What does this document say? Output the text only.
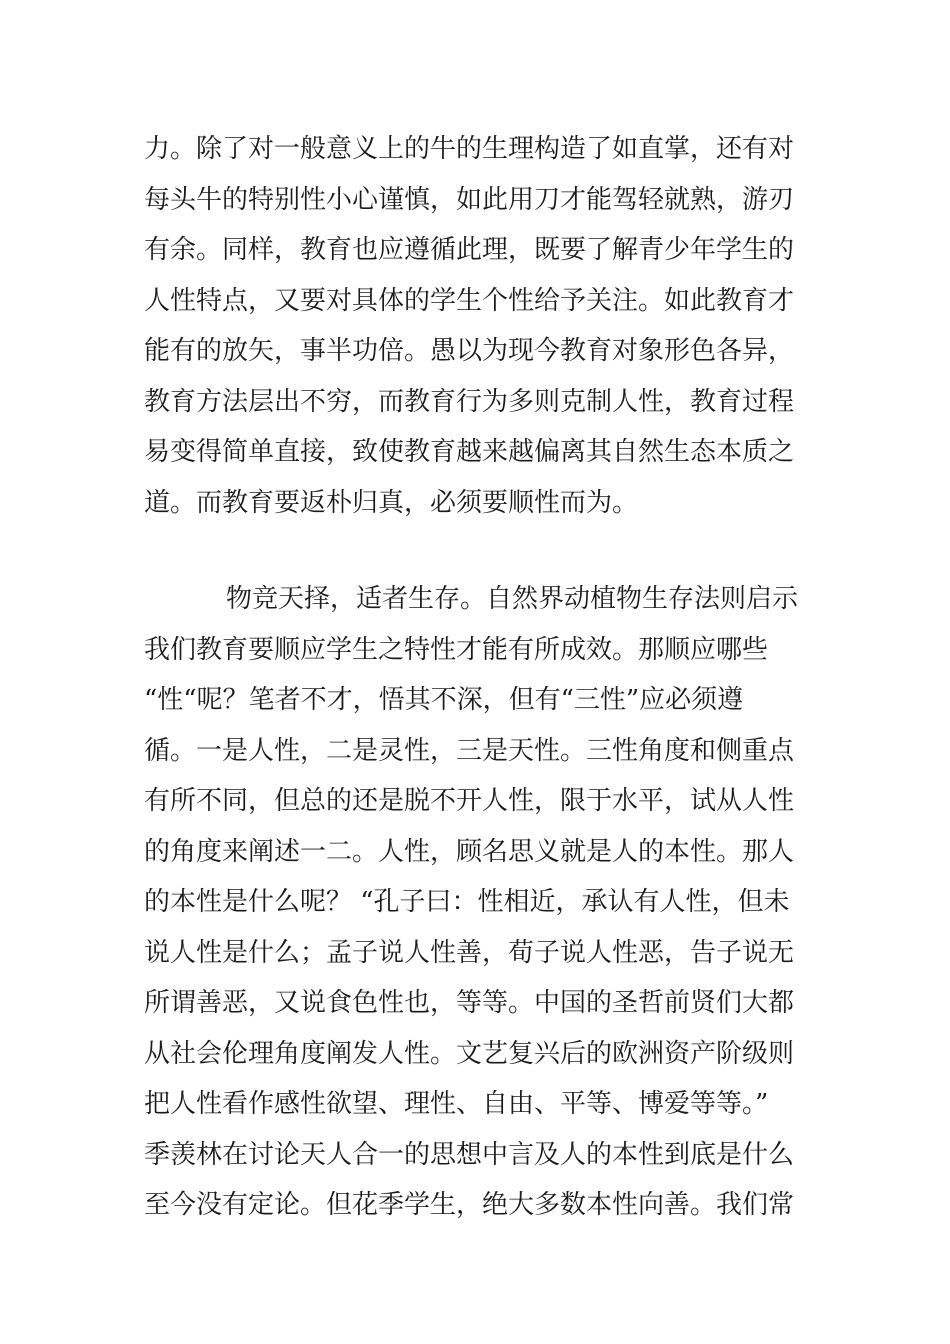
力。除了对一般意义上的牛的生理构造了如直掌，还有对
每头牛的特别性小心谨慎，如此用刀才能驾轻就熟，游刃
有余。同样，教育也应遵循此理，既要了解青少年学生的
人性特点，又要对具体的学生个性给予关注。如此教育才
能有的放矢，事半功倍。愚以为现今教育对象形色各异，
教育方法层出不穷，而教育行为多则克制人性，教育过程
易变得简单直接，致使教育越来越偏离其自然生态本质之
道。而教育要返朴归真，必须要顺性而为。
物竞天择，适者生存。自然界动植物生存法则启示
我们教育要顺应学生之特性才能有所成效。那顺应哪些
“性“呢？笔者不才，悟其不深，但有“三性”应必须遵
循。一是人性，二是灵性，三是天性。三性角度和侧重点
有所不同，但总的还是脱不开人性，限于水平，试从人性
的角度来阐述一二。人性，顾名思义就是人的本性。那人
的本性是什么呢？ “孔子曰：性相近，承认有人性，但未
说人性是什么；孟子说人性善，荀子说人性恶，告子说无
所谓善恶，又说食色性也，等等。中国的圣哲前贤们大都
从社会伦理角度阐发人性。文艺复兴后的欧洲资产阶级则
把人性看作感性欲望、理性、自由、平等、博爱等等。”
季羡林在讨论天人合一的思想中言及人的本性到底是什么
至今没有定论。但花季学生，绝大多数本性向善。我们常
